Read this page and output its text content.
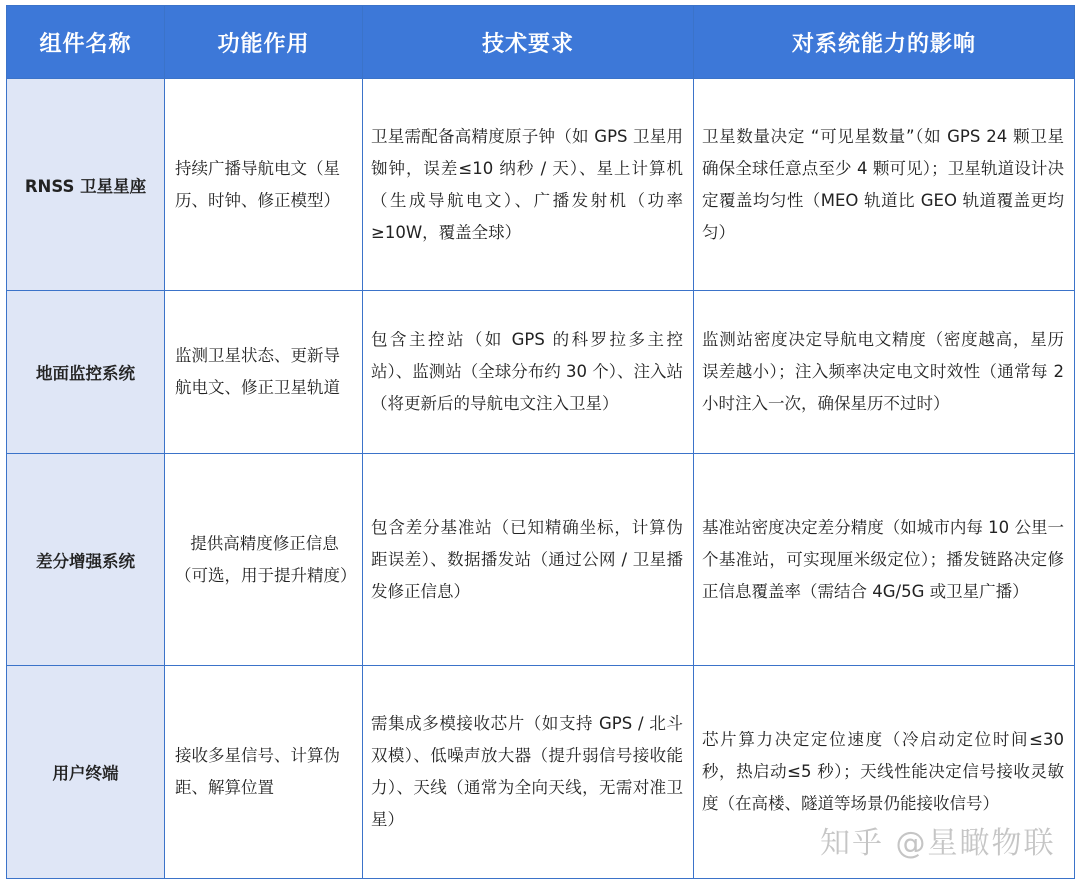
组件名称	功能作用	技术要求	对系统能力的影响
RNSS 卫星星座	持续广播导航电文（星历、时钟、修正模型）	卫星需配备高精度原子钟（如 GPS 卫星用铷钟，误差≤10 纳秒 / 天）、星上计算机（生成导航电文）、广播发射机（功率≥10W，覆盖全球）	卫星数量决定 “可见星数量”（如 GPS 24 颗卫星确保全球任意点至少 4 颗可见）；卫星轨道设计决定覆盖均匀性（MEO 轨道比 GEO 轨道覆盖更均匀）
地面监控系统	监测卫星状态、更新导航电文、修正卫星轨道	包含主控站（如 GPS 的科罗拉多主控站）、监测站（全球分布约 30 个）、注入站（将更新后的导航电文注入卫星）	监测站密度决定导航电文精度（密度越高，星历误差越小）；注入频率决定电文时效性（通常每 2 小时注入一次，确保星历不过时）
差分增强系统	提供高精度修正信息（可选，用于提升精度）	包含差分基准站（已知精确坐标，计算伪距误差）、数据播发站（通过公网 / 卫星播发修正信息）	基准站密度决定差分精度（如城市内每 10 公里一个基准站，可实现厘米级定位）；播发链路决定修正信息覆盖率（需结合 4G/5G 或卫星广播）
用户终端	接收多星信号、计算伪距、解算位置	需集成多模接收芯片（如支持 GPS / 北斗双模）、低噪声放大器（提升弱信号接收能力）、天线（通常为全向天线，无需对准卫星）	芯片算力决定定位速度（冷启动定位时间≤30 秒，热启动≤5 秒）；天线性能决定信号接收灵敏度（在高楼、隧道等场景仍能接收信号）
知乎 @星瞰物联
